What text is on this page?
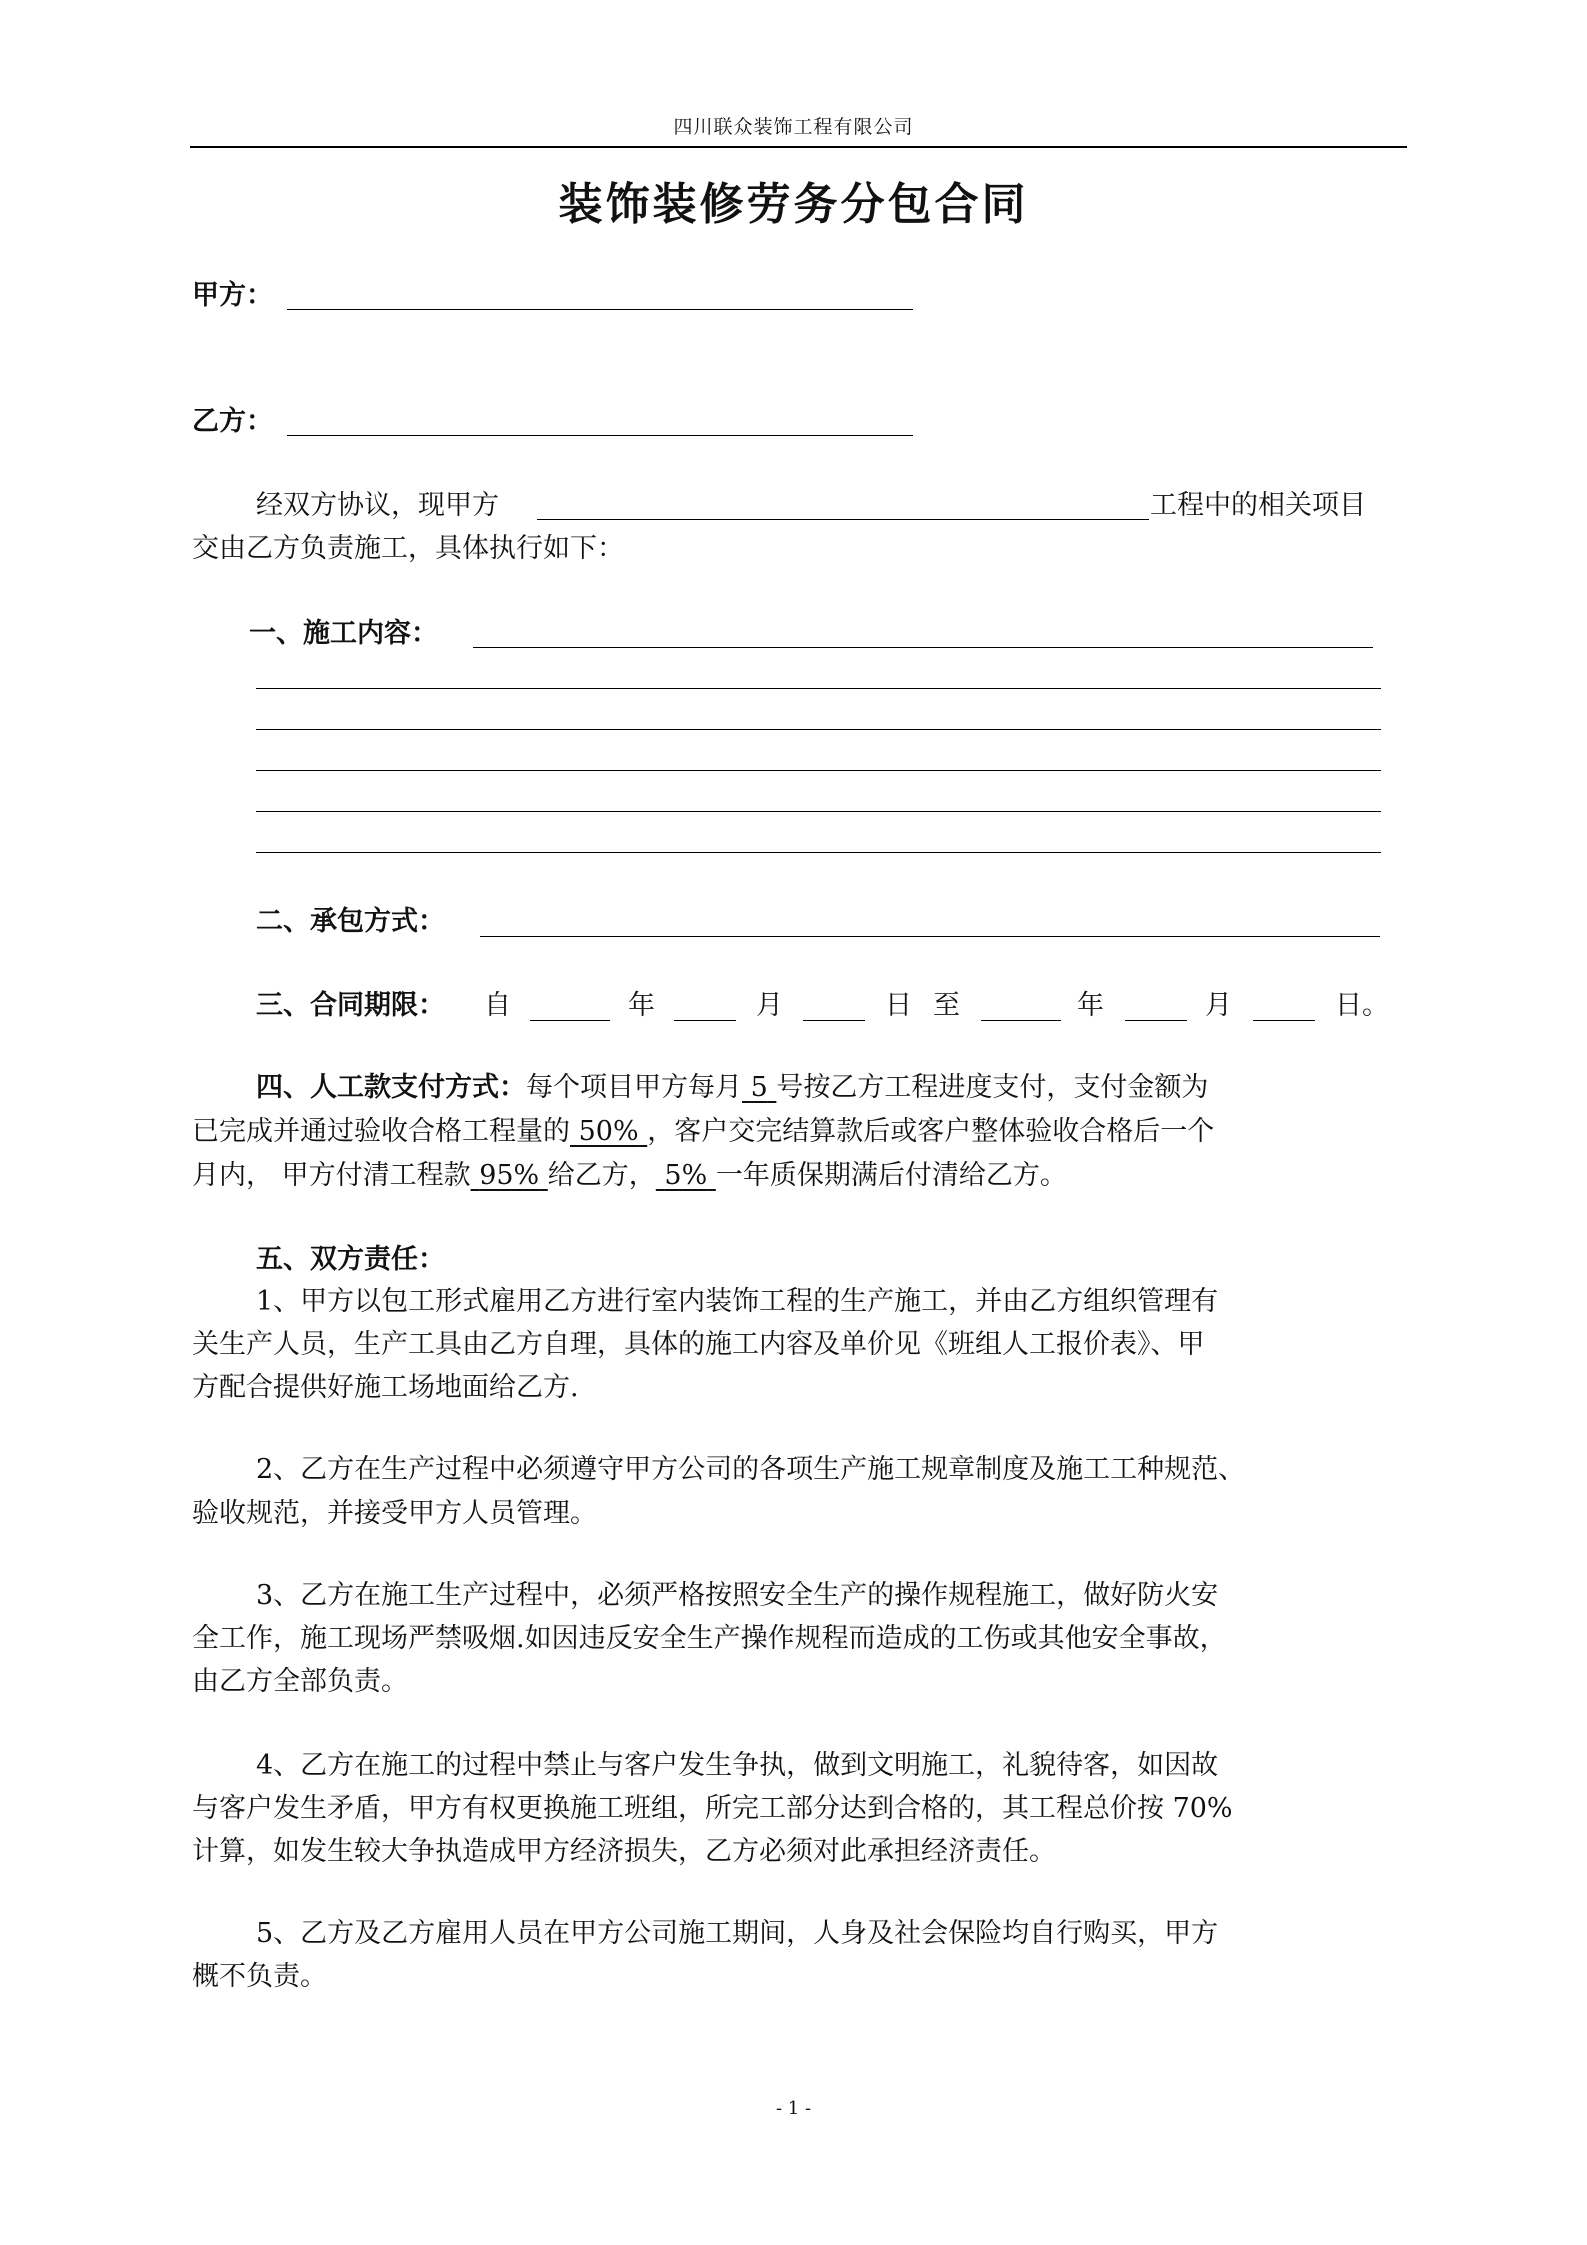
四川联众装饰工程有限公司
装饰装修劳务分包合同
甲方：
乙方：
经双方协议，现甲方	工程中的相关项目
交由乙方负责施工，具体执行如下：
一、施工内容：
二、承包方式：
三、合同期限： 自	年	月	日 至	年	月	日。
四、人工款支付方式：每个项目甲方每月 5 号按乙方工程进度支付，支付金额为
已完成并通过验收合格工程量的 50% ，客户交完结算款后或客户整体验收合格后一个
月内， 甲方付清工程款 95% 给乙方， 5% 一年质保期满后付清给乙方。
五、双方责任：
1、甲方以包工形式雇用乙方进行室内装饰工程的生产施工，并由乙方组织管理有
关生产人员，生产工具由乙方自理，具体的施工内容及单价见《班组人工报价表》、甲
方配合提供好施工场地面给乙方.
2、乙方在生产过程中必须遵守甲方公司的各项生产施工规章制度及施工工种规范、
验收规范，并接受甲方人员管理。
3、乙方在施工生产过程中，必须严格按照安全生产的操作规程施工，做好防火安
全工作，施工现场严禁吸烟.如因违反安全生产操作规程而造成的工伤或其他安全事故，
由乙方全部负责。
4、乙方在施工的过程中禁止与客户发生争执，做到文明施工，礼貌待客，如因故
与客户发生矛盾，甲方有权更换施工班组，所完工部分达到合格的，其工程总价按 70%
计算，如发生较大争执造成甲方经济损失，乙方必须对此承担经济责任。
5、乙方及乙方雇用人员在甲方公司施工期间，人身及社会保险均自行购买，甲方
概不负责。
- 1 -
